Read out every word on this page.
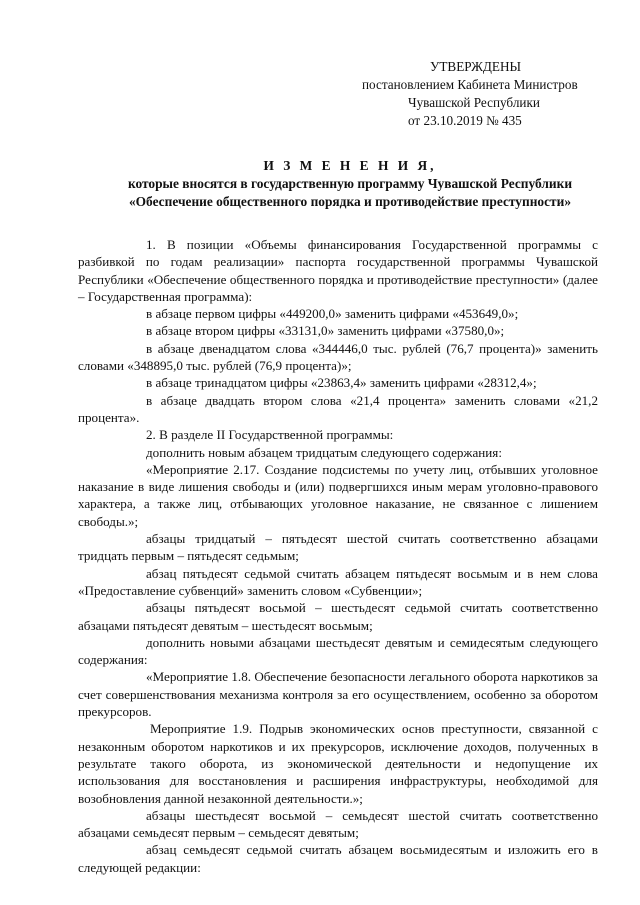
УТВЕРЖДЕНЫ
постановлением Кабинета Министров
Чувашской Республики
от 23.10.2019 № 435
И З М Е Н Е Н И Я,
которые вносятся в государственную программу Чувашской Республики
«Обеспечение общественного порядка и противодействие преступности»

1. В позиции «Объемы финансирования Государственной программы с разбивкой по годам реализации» паспорта государственной программы Чувашской Республики «Обеспечение общественного порядка и противодействие преступности» (далее – Государственная программа):

в абзаце первом цифры «449200,0» заменить цифрами «453649,0»;

в абзаце втором цифры «33131,0» заменить цифрами «37580,0»;

в абзаце двенадцатом слова «344446,0 тыс. рублей (76,7 процента)» заменить словами «348895,0 тыс. рублей (76,9 процента)»;

в абзаце тринадцатом цифры «23863,4» заменить цифрами «28312,4»;

в абзаце двадцать втором слова «21,4 процента» заменить словами «21,2 процента».

2. В разделе II Государственной программы:

дополнить новым абзацем тридцатым следующего содержания:

«Мероприятие 2.17. Создание подсистемы по учету лиц, отбывших уголовное наказание в виде лишения свободы и (или) подвергшихся иным мерам уголовно-правового характера, а также лиц, отбывающих уголовное наказание, не связанное с лишением свободы.»;

абзацы тридцатый – пятьдесят шестой считать соответственно абзацами тридцать первым – пятьдесят седьмым;

абзац пятьдесят седьмой считать абзацем пятьдесят восьмым и в нем слова «Предоставление субвенций» заменить словом «Субвенции»;

абзацы пятьдесят восьмой – шестьдесят седьмой считать соответственно абзацами пятьдесят девятым – шестьдесят восьмым;

дополнить новыми абзацами шестьдесят девятым и семидесятым следующего содержания:

«Мероприятие 1.8. Обеспечение безопасности легального оборота наркотиков за счет совершенствования механизма контроля за его осуществлением, особенно за оборотом прекурсоров.

Мероприятие 1.9. Подрыв экономических основ преступности, связанной с незаконным оборотом наркотиков и их прекурсоров, исключение доходов, полученных в результате такого оборота, из экономической деятельности и недопущение их использования для восстановления и расширения инфраструктуры, необходимой для возобновления данной незаконной деятельности.»;

абзацы шестьдесят восьмой – семьдесят шестой считать соответственно абзацами семьдесят первым – семьдесят девятым;

абзац семьдесят седьмой считать абзацем восьмидесятым и изложить его в следующей редакции:
